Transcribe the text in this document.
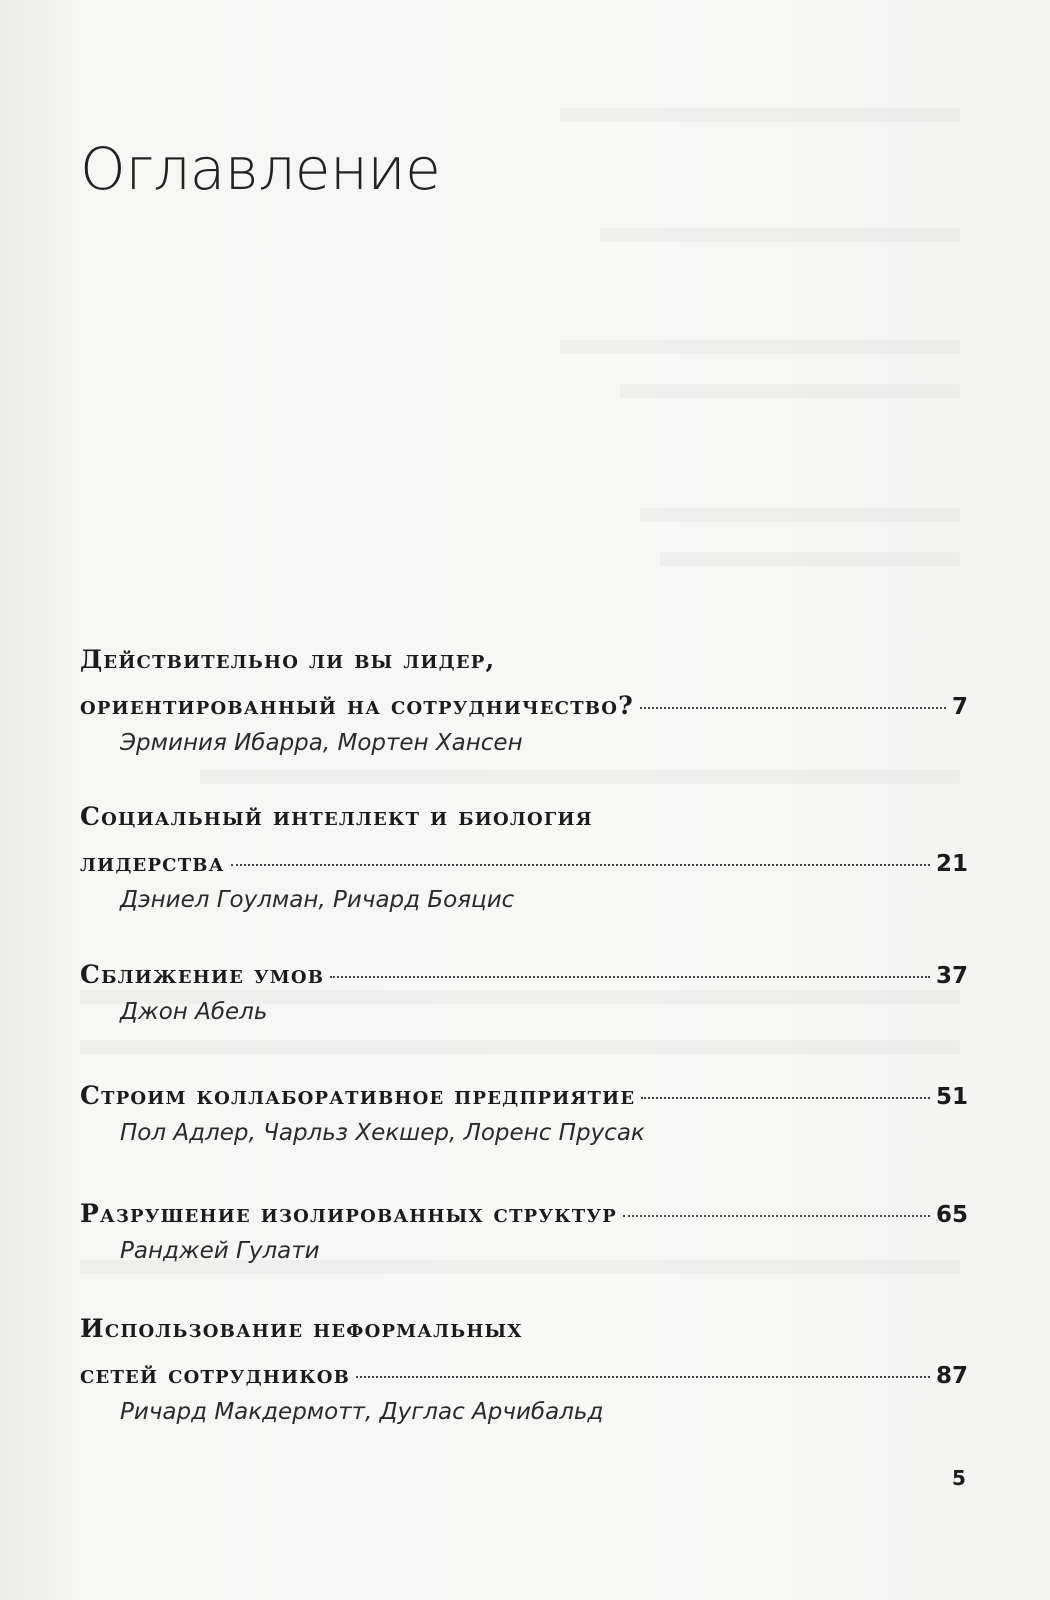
Оглавление
Действительно ли вы лидер,
ориентированный на сотрудничество?	7
Эрминия Ибарра, Мортен Хансен
Социальный интеллект и биология
лидерства	21
Дэниел Гоулман, Ричард Бояцис
Сближение умов	37
Джон Абель
Строим коллаборативное предприятие	51
Пол Адлер, Чарльз Хекшер, Лоренс Прусак
Разрушение изолированных структур	65
Ранджей Гулати
Использование неформальных
сетей сотрудников	87
Ричард Макдермотт, Дуглас Арчибальд
5
